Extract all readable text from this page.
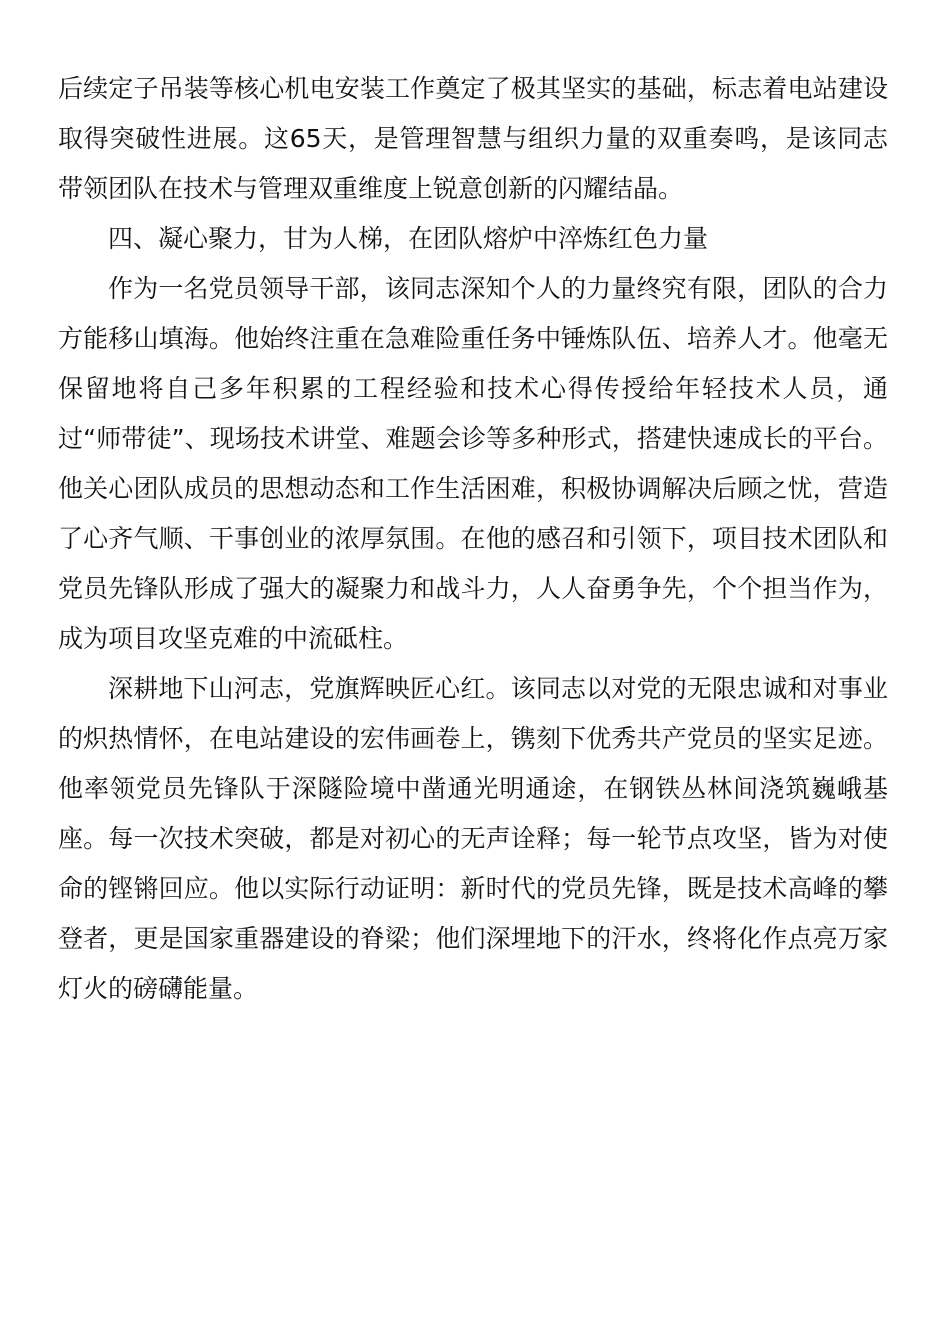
后续定子吊装等核心机电安装工作奠定了极其坚实的基础，标志着电站建设取得突破性进展。这65天，是管理智慧与组织力量的双重奏鸣，是该同志带领团队在技术与管理双重维度上锐意创新的闪耀结晶。

四、凝心聚力，甘为人梯，在团队熔炉中淬炼红色力量

作为一名党员领导干部，该同志深知个人的力量终究有限，团队的合力方能移山填海。他始终注重在急难险重任务中锤炼队伍、培养人才。他毫无保留地将自己多年积累的工程经验和技术心得传授给年轻技术人员，通过“师带徒”、现场技术讲堂、难题会诊等多种形式，搭建快速成长的平台。他关心团队成员的思想动态和工作生活困难，积极协调解决后顾之忧，营造了心齐气顺、干事创业的浓厚氛围。在他的感召和引领下，项目技术团队和党员先锋队形成了强大的凝聚力和战斗力，人人奋勇争先，个个担当作为，成为项目攻坚克难的中流砥柱。

深耕地下山河志，党旗辉映匠心红。该同志以对党的无限忠诚和对事业的炽热情怀，在电站建设的宏伟画卷上，镌刻下优秀共产党员的坚实足迹。他率领党员先锋队于深隧险境中凿通光明通途，在钢铁丛林间浇筑巍峨基座。每一次技术突破，都是对初心的无声诠释；每一轮节点攻坚，皆为对使命的铿锵回应。他以实际行动证明：新时代的党员先锋，既是技术高峰的攀登者，更是国家重器建设的脊梁；他们深埋地下的汗水，终将化作点亮万家灯火的磅礴能量。
